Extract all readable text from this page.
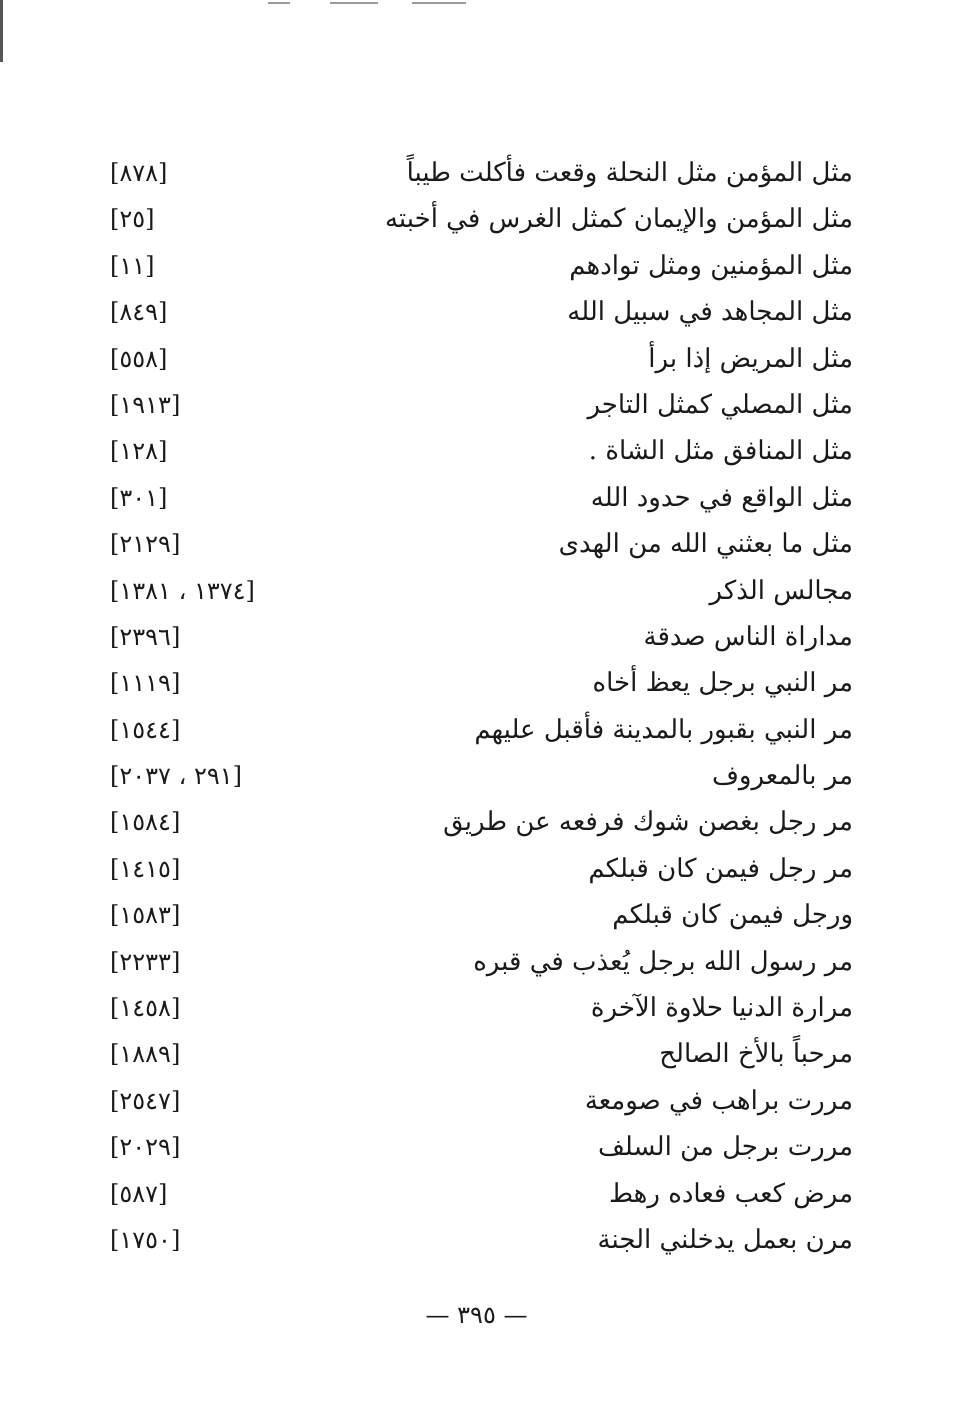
مثل المؤمن مثل النحلة وقعت فأكلت طيباً
[٨٧٨]
مثل المؤمن والإيمان كمثل الغرس في أخبته
[٢٥]
مثل المؤمنين ومثل توادهم
[١١]
مثل المجاهد في سبيل الله
[٨٤٩]
مثل المريض إذا برأ
[٥٥٨]
مثل المصلي كمثل التاجر
[١٩١٣]
مثل المنافق مثل الشاة .
[١٢٨]
مثل الواقع في حدود الله
[٣٠١]
مثل ما بعثني الله من الهدى
[٢١٢٩]
مجالس الذكر
[١٣٧٤ ، ١٣٨١]
مداراة الناس صدقة
[٢٣٩٦]
مر النبي برجل يعظ أخاه
[١١١٩]
مر النبي بقبور بالمدينة فأقبل عليهم
[١٥٤٤]
مر بالمعروف
[٢٩١ ، ٢٠٣٧]
مر رجل بغصن شوك فرفعه عن طريق
[١٥٨٤]
مر رجل فيمن كان قبلكم
[١٤١٥]
ورجل فيمن كان قبلكم
[١٥٨٣]
مر رسول الله برجل يُعذب في قبره
[٢٢٣٣]
مرارة الدنيا حلاوة الآخرة
[١٤٥٨]
مرحباً بالأخ الصالح
[١٨٨٩]
مررت براهب في صومعة
[٢٥٤٧]
مررت برجل من السلف
[٢٠٢٩]
مرض كعب فعاده رهط
[٥٨٧]
مرن بعمل يدخلني الجنة
[١٧٥٠]
— ٣٩٥ —
